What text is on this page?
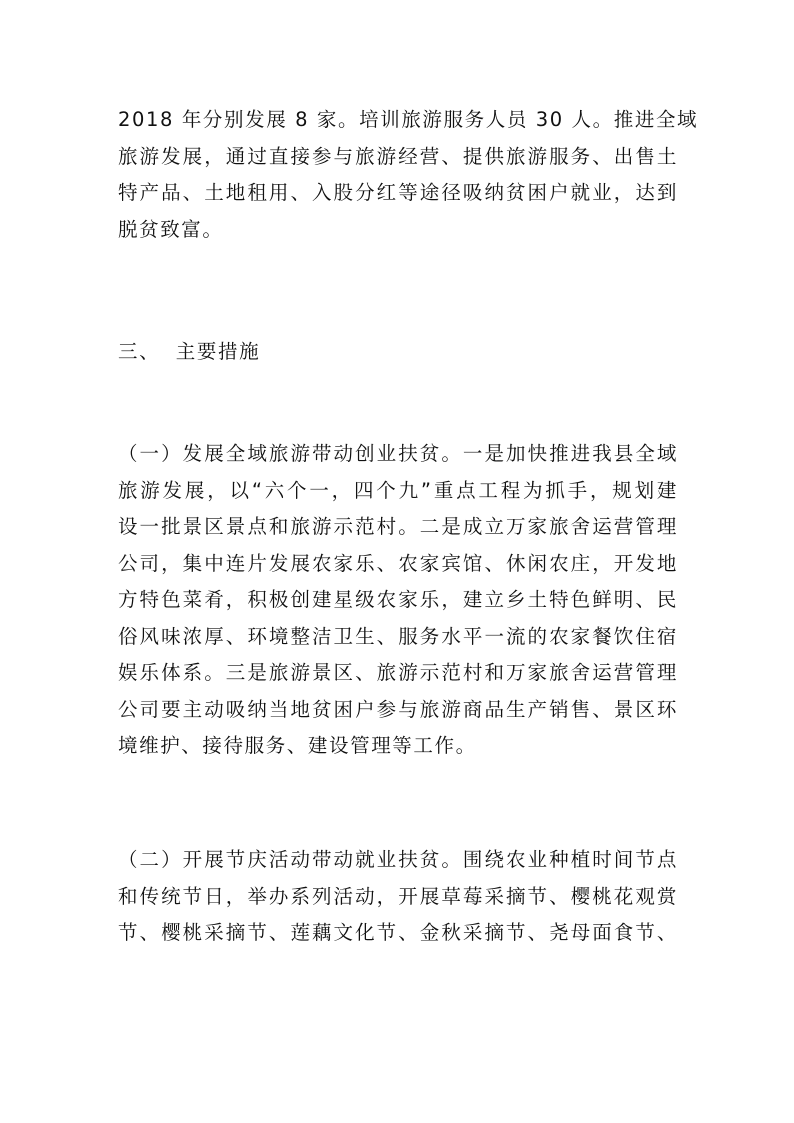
2018 年分别发展 8 家。培训旅游服务人员 30 人。推进全域
旅游发展，通过直接参与旅游经营、提供旅游服务、出售土
特产品、土地租用、入股分红等途径吸纳贫困户就业，达到
脱贫致富。

三、  主要措施

（一）发展全域旅游带动创业扶贫。一是加快推进我县全域
旅游发展，以“六个一，四个九”重点工程为抓手，规划建
设一批景区景点和旅游示范村。二是成立万家旅舍运营管理
公司，集中连片发展农家乐、农家宾馆、休闲农庄，开发地
方特色菜肴，积极创建星级农家乐，建立乡土特色鲜明、民
俗风味浓厚、环境整洁卫生、服务水平一流的农家餐饮住宿
娱乐体系。三是旅游景区、旅游示范村和万家旅舍运营管理
公司要主动吸纳当地贫困户参与旅游商品生产销售、景区环
境维护、接待服务、建设管理等工作。

（二）开展节庆活动带动就业扶贫。围绕农业种植时间节点
和传统节日，举办系列活动，开展草莓采摘节、樱桃花观赏
节、樱桃采摘节、莲藕文化节、金秋采摘节、尧母面食节、
